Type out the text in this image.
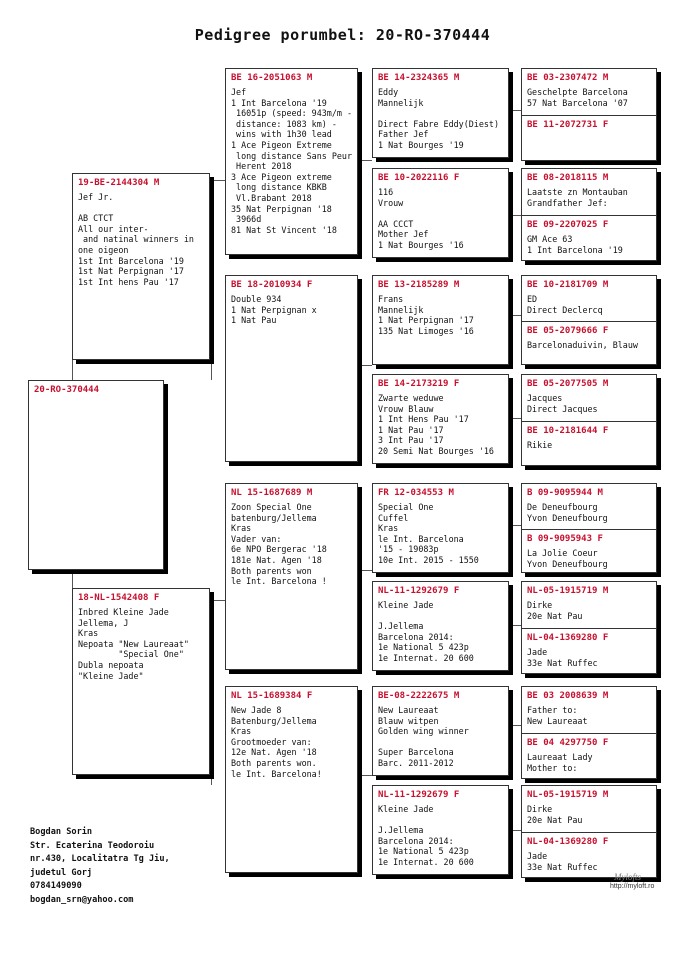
Pedigree porumbel: 20-RO-370444
20-RO-370444
19-BE-2144304 M
Jef Jr.

AB CTCT
All our inter-
and natinal winners in
one oigeon
1st Int Barcelona '19
1st Nat Perpignan '17
1st Int hens Pau '17
18-NL-1542408 F
Inbred Kleine Jade
Jellema, J
Kras
Nepoata "New Laureaat"
"Special One"
Dubla nepoata
"Kleine Jade"
BE 16-2051063 M
Jef
1 Int Barcelona '19
16051p (speed: 943m/m -
distance: 1083 km) -
wins with 1h30 lead
1 Ace Pigeon Extreme
long distance Sans Peur
Herent 2018
3 Ace Pigeon extreme
long distance KBKB
Vl.Brabant 2018
35 Nat Perpignan '18
3966d
81 Nat St Vincent '18
BE 18-2010934 F
Double 934
1 Nat Perpignan x
1 Nat Pau
NL 15-1687689 M
Zoon Special One
batenburg/Jellema
Kras
Vader van:
6e NPO Bergerac '18
181e Nat. Agen '18
Both parents won
le Int. Barcelona !
NL 15-1689384 F
New Jade 8
Batenburg/Jellema
Kras
Grootmoeder van:
12e Nat. Agen '18
Both parents won.
le Int. Barcelona!
BE 14-2324365 M
Eddy
Mannelijk

Direct Fabre Eddy(Diest)
Father Jef
1 Nat Bourges '19
BE 10-2022116 F
116
Vrouw

AA CCCT
Mother Jef
1 Nat Bourges '16
BE 13-2185289 M
Frans
Mannelijk
1 Nat Perpignan '17
135 Nat Limoges '16
BE 14-2173219 F
Zwarte weduwe
Vrouw Blauw
1 Int Hens Pau '17
1 Nat Pau '17
3 Int Pau '17
20 Semi Nat Bourges '16
FR 12-034553 M
Special One
Cuffel
Kras
le Int. Barcelona
'15 - 19083p
10e Int. 2015 - 1550
NL-11-1292679 F
Kleine Jade

J.Jellema
Barcelona 2014:
1e National 5 423p
1e Internat. 20 600
BE-08-2222675 M
New Laureaat
Blauw witpen
Golden wing winner

Super Barcelona
Barc. 2011-2012
NL-11-1292679 F
Kleine Jade

J.Jellema
Barcelona 2014:
1e National 5 423p
1e Internat. 20 600
BE 03-2307472 M
Geschelpte Barcelona
57 Nat Barcelona '07
BE 11-2072731 F
BE 08-2018115 M
Laatste zn Montauban
Grandfather Jef:
BE 09-2207025 F
GM Ace 63
1 Int Barcelona '19
BE 10-2181709 M
ED
Direct Declercq
BE 05-2079666 F
Barcelonaduivin, Blauw
BE 05-2077505 M
Jacques
Direct Jacques
BE 10-2181644 F
Rikie
B 09-9095944 M
De Deneufbourg
Yvon Deneufbourg
B 09-9095943 F
La Jolie Coeur
Yvon Deneufbourg
NL-05-1915719 M
Dirke
20e Nat Pau
NL-04-1369280 F
Jade
33e Nat Ruffec
BE 03 2008639 M
Father to:
New Laureaat
BE 04 4297750 F
Laureaat Lady
Mother to:
NL-05-1915719 M
Dirke
20e Nat Pau
NL-04-1369280 F
Jade
33e Nat Ruffec
Bogdan Sorin
Str. Ecaterina Teodoroiu
nr.430, Localitatra Tg Jiu,
judetul Gorj
0784149090
bogdan_srn@yahoo.com
Mylofts
http://myloft.ro
